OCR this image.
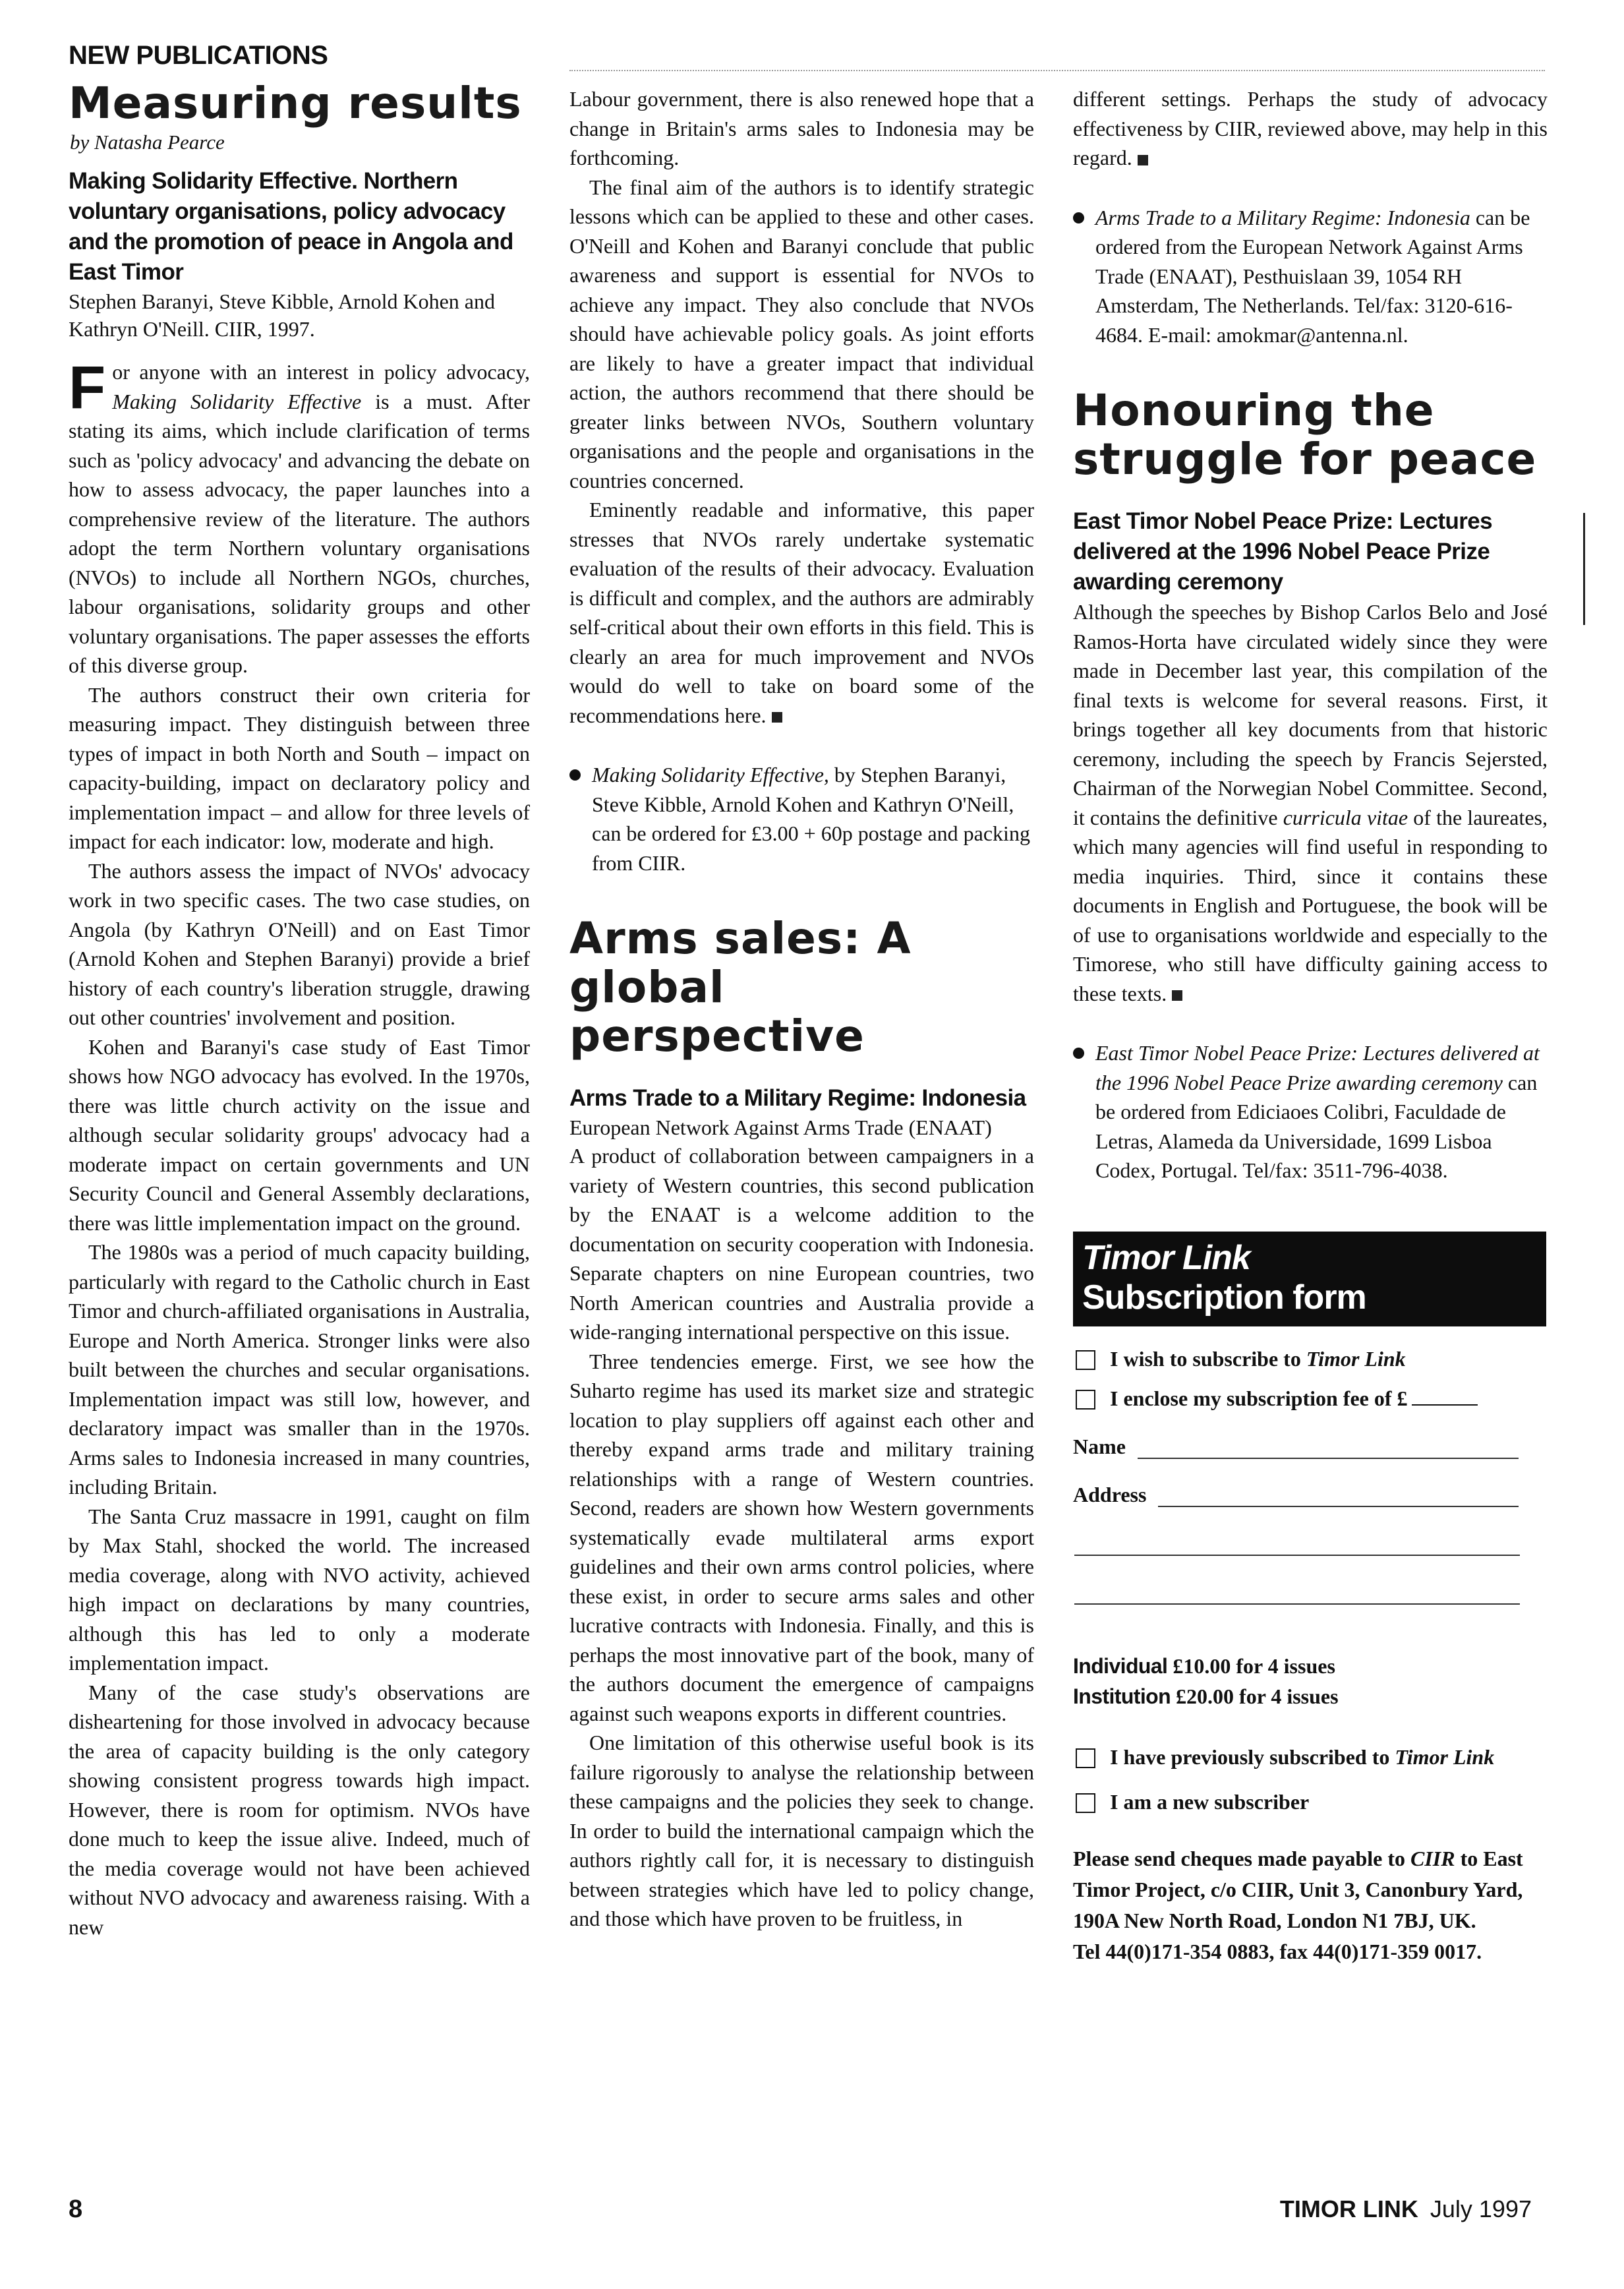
NEW PUBLICATIONS
Measuring results
by Natasha Pearce
Making Solidarity Effective. Northern voluntary organisations, policy advocacy and the promotion of peace in Angola and East Timor
Stephen Baranyi, Steve Kibble, Arnold Kohen and Kathryn O'Neill. CIIR, 1997.

For anyone with an interest in policy advocacy, Making Solidarity Effective is a must. After stating its aims, which include clarification of terms such as 'policy advocacy' and advancing the debate on how to assess advocacy, the paper launches into a comprehensive review of the literature. The authors adopt the term Northern voluntary organisations (NVOs) to include all Northern NGOs, churches, labour organisations, solidarity groups and other voluntary organisations. The paper assesses the efforts of this diverse group.

The authors construct their own criteria for measuring impact. They distinguish between three types of impact in both North and South – impact on capacity-building, impact on declaratory policy and implementation impact – and allow for three levels of impact for each indicator: low, moderate and high.

The authors assess the impact of NVOs' advocacy work in two specific cases. The two case studies, on Angola (by Kathryn O'Neill) and on East Timor (Arnold Kohen and Stephen Baranyi) provide a brief history of each country's liberation struggle, drawing out other countries' involvement and position.

Kohen and Baranyi's case study of East Timor shows how NGO advocacy has evolved. In the 1970s, there was little church activity on the issue and although secular solidarity groups' advocacy had a moderate impact on certain governments and UN Security Council and General Assembly declarations, there was little implementation impact on the ground.

The 1980s was a period of much capacity building, particularly with regard to the Catholic church in East Timor and church-affiliated organisations in Australia, Europe and North America. Stronger links were also built between the churches and secular organisations. Implementation impact was still low, however, and declaratory impact was smaller than in the 1970s. Arms sales to Indonesia increased in many countries, including Britain.

The Santa Cruz massacre in 1991, caught on film by Max Stahl, shocked the world. The increased media coverage, along with NVO activity, achieved high impact on declarations by many countries, although this has led to only a moderate implementation impact.

Many of the case study's observations are disheartening for those involved in advocacy because the area of capacity building is the only category showing consistent progress towards high impact. However, there is room for optimism. NVOs have done much to keep the issue alive. Indeed, much of the media coverage would not have been achieved without NVO advocacy and awareness raising. With a new

Labour government, there is also renewed hope that a change in Britain's arms sales to Indonesia may be forthcoming.

The final aim of the authors is to identify strategic lessons which can be applied to these and other cases. O'Neill and Kohen and Baranyi conclude that public awareness and support is essential for NVOs to achieve any impact. They also conclude that NVOs should have achievable policy goals. As joint efforts are likely to have a greater impact that individual action, the authors recommend that there should be greater links between NVOs, Southern voluntary organisations and the people and organisations in the countries concerned.

Eminently readable and informative, this paper stresses that NVOs rarely undertake systematic evaluation of the results of their advocacy. Evaluation is difficult and complex, and the authors are admirably self-critical about their own efforts in this field. This is clearly an area for much improvement and NVOs would do well to take on board some of the recommendations here.

Making Solidarity Effective, by Stephen Baranyi, Steve Kibble, Arnold Kohen and Kathryn O'Neill, can be ordered for £3.00 + 60p postage and packing from CIIR.
Arms sales: A global perspective
Arms Trade to a Military Regime: Indonesia
European Network Against Arms Trade (ENAAT)

A product of collaboration between campaigners in a variety of Western countries, this second publication by the ENAAT is a welcome addition to the documentation on security cooperation with Indonesia. Separate chapters on nine European countries, two North American countries and Australia provide a wide-ranging international perspective on this issue.

Three tendencies emerge. First, we see how the Suharto regime has used its market size and strategic location to play suppliers off against each other and thereby expand arms trade and military training relationships with a range of Western countries. Second, readers are shown how Western governments systematically evade multilateral arms export guidelines and their own arms control policies, where these exist, in order to secure arms sales and other lucrative contracts with Indonesia. Finally, and this is perhaps the most innovative part of the book, many of the authors document the emergence of campaigns against such weapons exports in different countries.

One limitation of this otherwise useful book is its failure rigorously to analyse the relationship between these campaigns and the policies they seek to change. In order to build the international campaign which the authors rightly call for, it is necessary to distinguish between strategies which have led to policy change, and those which have proven to be fruitless, in

different settings. Perhaps the study of advocacy effectiveness by CIIR, reviewed above, may help in this regard.

Arms Trade to a Military Regime: Indonesia can be ordered from the European Network Against Arms Trade (ENAAT), Pesthuislaan 39, 1054 RH Amsterdam, The Netherlands. Tel/fax: 3120-616-4684. E-mail: amokmar@antenna.nl.
Honouring the struggle for peace
East Timor Nobel Peace Prize: Lectures delivered at the 1996 Nobel Peace Prize awarding ceremony

Although the speeches by Bishop Carlos Belo and José Ramos-Horta have circulated widely since they were made in December last year, this compilation of the final texts is welcome for several reasons. First, it brings together all key documents from that historic ceremony, including the speech by Francis Sejersted, Chairman of the Norwegian Nobel Committee. Second, it contains the definitive curricula vitae of the laureates, which many agencies will find useful in responding to media inquiries. Third, since it contains these documents in English and Portuguese, the book will be of use to organisations worldwide and especially to the Timorese, who still have difficulty gaining access to these texts.

East Timor Nobel Peace Prize: Lectures delivered at the 1996 Nobel Peace Prize awarding ceremony can be ordered from Ediciaoes Colibri, Faculdade de Letras, Alameda da Universidade, 1699 Lisboa Codex, Portugal. Tel/fax: 3511-796-4038.
Timor Link
Subscription form
I wish to subscribe to Timor Link
I enclose my subscription fee of £
Name
Address
Individual £10.00 for 4 issues
Institution £20.00 for 4 issues
I have previously subscribed to Timor Link
I am a new subscriber
Please send cheques made payable to CIIR to East Timor Project, c/o CIIR, Unit 3, Canonbury Yard, 190A New North Road, London N1 7BJ, UK.
Tel 44(0)171-354 0883, fax 44(0)171-359 0017.
8	TIMOR LINK July 1997
